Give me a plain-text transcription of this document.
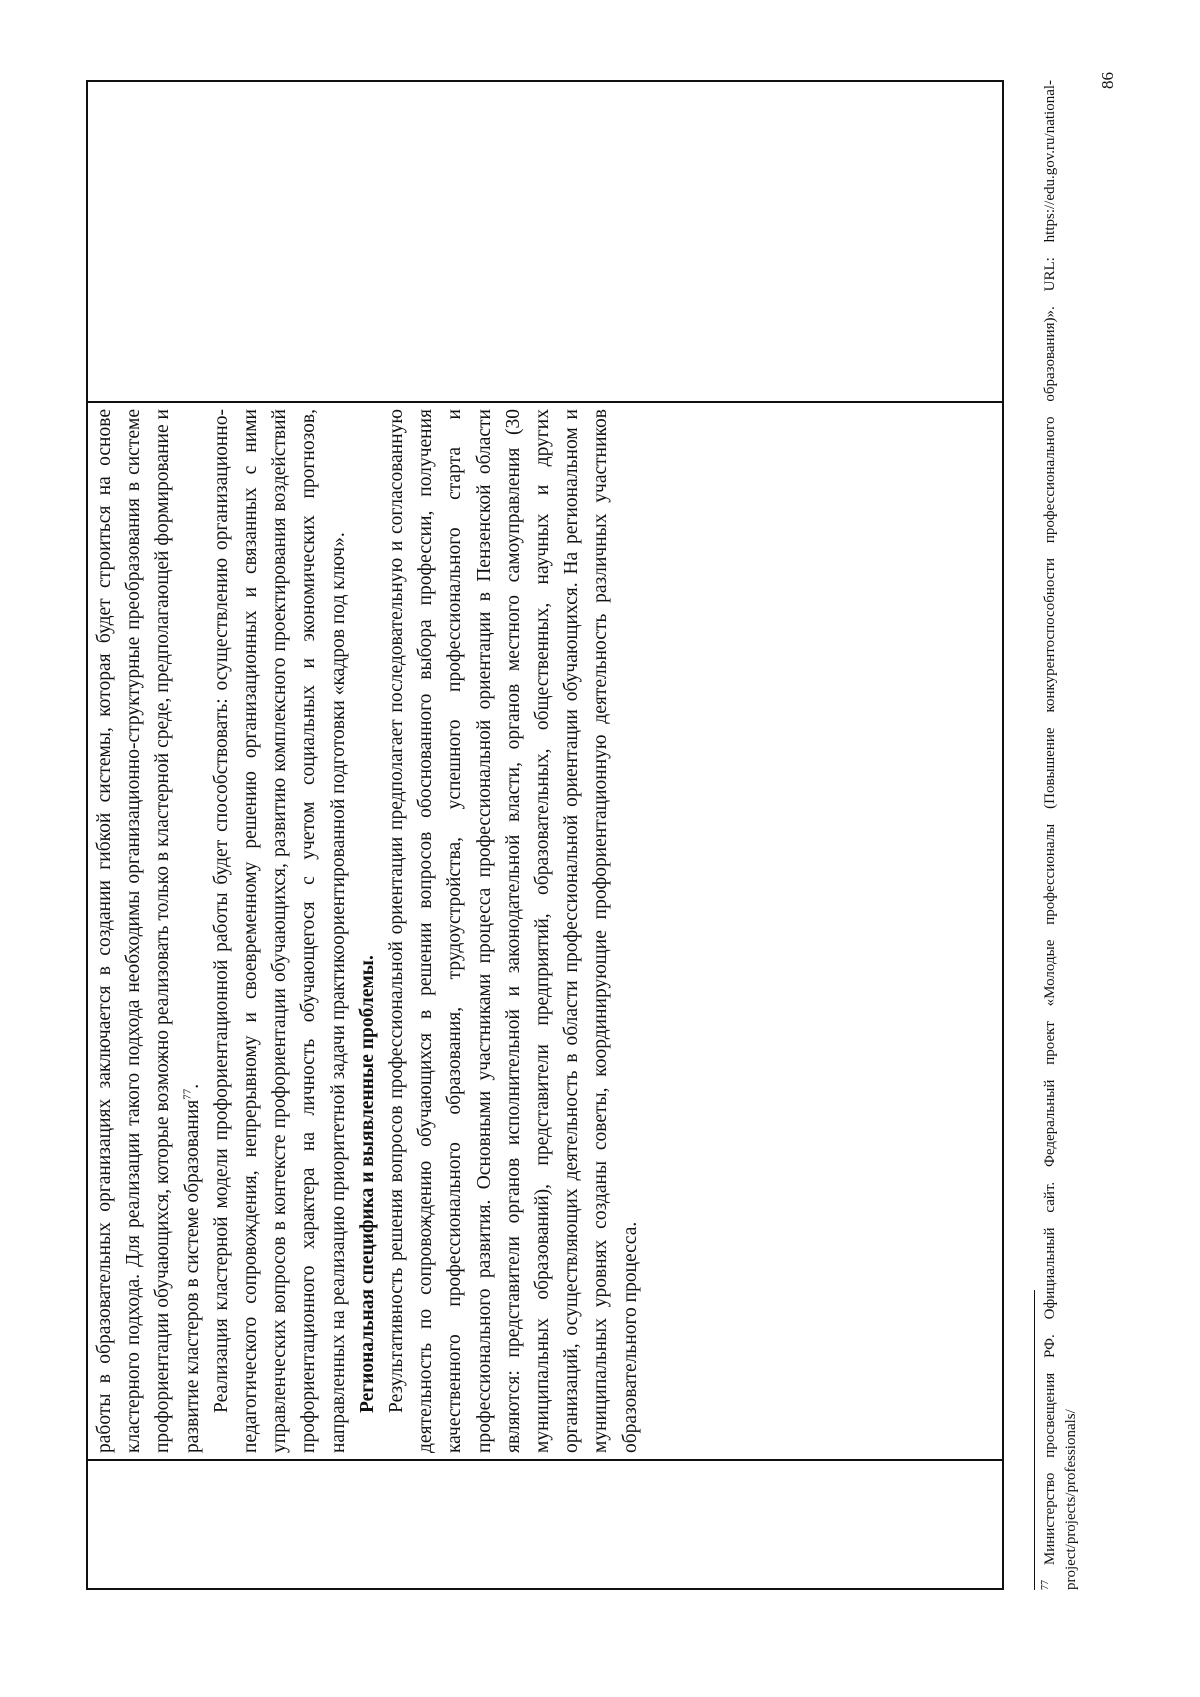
работы в образовательных организациях заключается в создании гибкой системы, которая будет строиться на основе кластерного подхода. Для реализации такого подхода необходимы организационно-структурные преобразования в системе профориентации обучающихся, которые возможно реализовать только в кластерной среде, предполагающей формирование и развитие кластеров в системе образования$^{77}$. Реализация кластерной модели профориентационной работы будет способствовать: осуществлению организационно-педагогического сопровождения, непрерывному и своевременному решению организационных и связанных с ними управленческих вопросов в контексте профориентации обучающихся, развитию комплексного проектирования воздействий профориентационного характера на личность обучающегося с учетом социальных и экономических прогнозов, направленных на реализацию приоритетной задачи практикоориентированной подготовки «кадров под ключ». Региональная специфика и выявленные проблемы. Результативность решения вопросов профессиональной ориентации предполагает последовательную и согласованную деятельность по сопровождению обучающихся в решении вопросов обоснованного выбора профессии, получения качественного профессионального образования, трудоустройства, успешного профессионального старта и профессионального развития. Основными участниками процесса профессиональной ориентации в Пензенской области являются: представители органов исполнительной и законодательной власти, органов местного самоуправления (30 муниципальных образований), представители предприятий, образовательных, общественных, научных и других организаций, осуществляющих деятельность в области профессиональной ориентации обучающихся. На региональном и муниципальных уровнях созданы советы, координирующие профориентационную деятельность различных участников образовательного процесса.

$^{77}$ Министерство просвещения РФ. Официальный сайт. Федеральный проект «Молодые профессионалы (Повышение конкурентоспособности профессионального образования)». URL: https://edu.gov.ru/national-project/projects/professionals/

86
